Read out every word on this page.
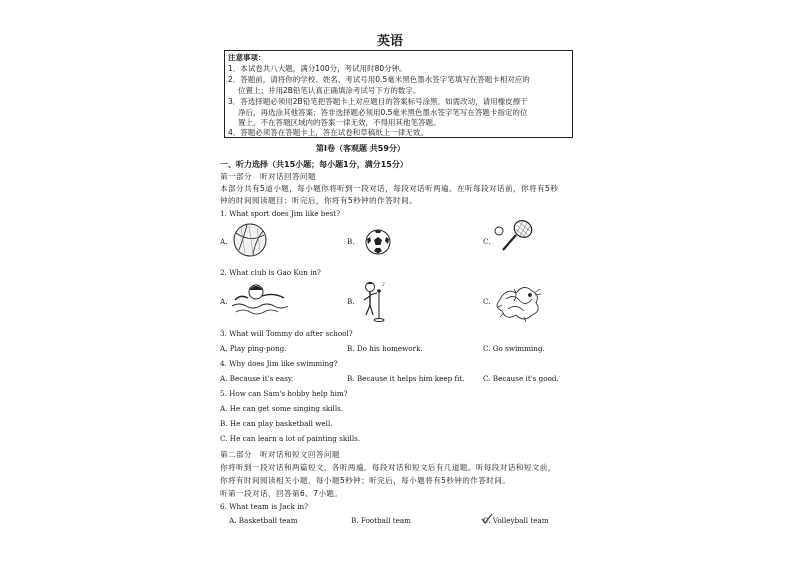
英语
注意事项：
1．本试卷共八大题，满分100分，考试用时80分钟。
2．答题前，请将你的学校、姓名、考试号用0.5毫米黑色墨水签字笔填写在答题卡相对应的
位置上；并用2B铅笔认真正确填涂考试号下方的数字。
3．答选择题必须用2B铅笔把答题卡上对应题目的答案标号涂黑，如需改动，请用橡皮擦干
净后，再选涂其他答案；答非选择题必须用0.5毫米黑色墨水签字笔写在答题卡指定的位
置上，不在答题区域内的答案一律无效，不得用其他笔答题。
4．答题必须答在答题卡上，答在试卷和草稿纸上一律无效。
第Ⅰ卷（客观题 共59分）
一、听力选择（共15小题；每小题1分，满分15分）
第一部分　听对话回答问题
本部分共有5道小题，每小题你将听到一段对话，每段对话听两遍。在听每段对话前，你将有5秒
钟的时间阅读题目；听完后，你将有5秒钟的作答时间。
1. What sport does Jim like best?
A.	B.	C.
2. What club is Gao Kun in?
A.	B.
♪
C.
3. What will Tommy do after school?
A. Play ping-pong.	B. Do his homework.	C. Go swimming.
4. Why does Jim like swimming?
A. Because it's easy.	B. Because it helps him keep fit.	C. Because it's good.
5. How can Sam's hobby help him?
A. He can get some singing skills.
B. He can play basketball well.
C. He can learn a lot of painting skills.
第二部分　听对话和短文回答问题
你将听到一段对话和两篇短文，各听两遍。每段对话和短文后有几道题。听每段对话和短文前，
你将有时间阅读相关小题，每小题5秒钟；听完后，每小题将有5秒钟的作答时间。
听第一段对话，回答第6、7小题。
6. What team is Jack in?
A. Basketball team	B. Football team	C. Volleyball team
